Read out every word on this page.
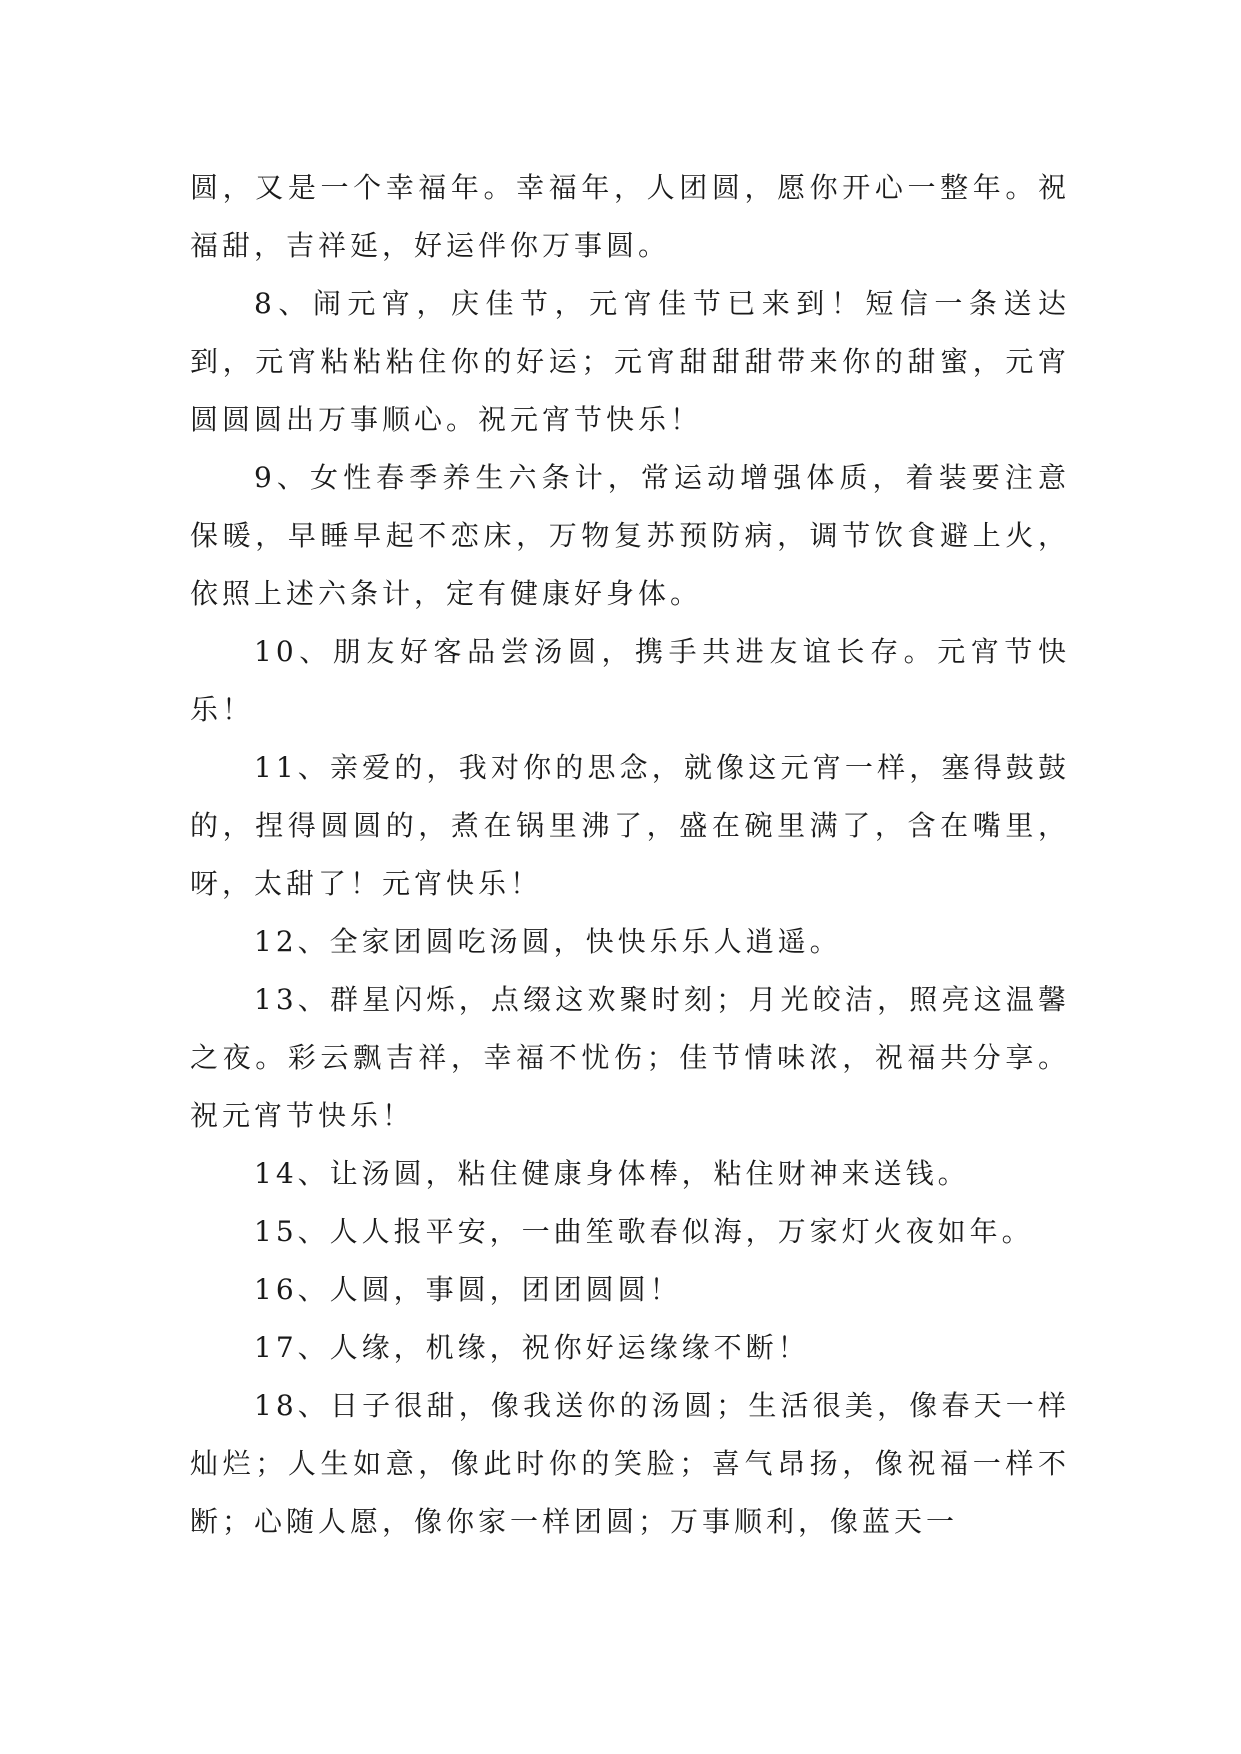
圆，又是一个幸福年。幸福年，人团圆，愿你开心一整年。祝福甜，吉祥延，好运伴你万事圆。

8、闹元宵，庆佳节，元宵佳节已来到！短信一条送达到，元宵粘粘粘住你的好运；元宵甜甜甜带来你的甜蜜，元宵圆圆圆出万事顺心。祝元宵节快乐！

9、女性春季养生六条计，常运动增强体质，着装要注意保暖，早睡早起不恋床，万物复苏预防病，调节饮食避上火，依照上述六条计，定有健康好身体。

10、朋友好客品尝汤圆，携手共进友谊长存。元宵节快乐！

11、亲爱的，我对你的思念，就像这元宵一样，塞得鼓鼓的，捏得圆圆的，煮在锅里沸了，盛在碗里满了，含在嘴里，呀，太甜了！元宵快乐！

12、全家团圆吃汤圆，快快乐乐人逍遥。

13、群星闪烁，点缀这欢聚时刻；月光皎洁，照亮这温馨之夜。彩云飘吉祥，幸福不忧伤；佳节情味浓，祝福共分享。祝元宵节快乐！

14、让汤圆，粘住健康身体棒，粘住财神来送钱。

15、人人报平安，一曲笙歌春似海，万家灯火夜如年。

16、人圆，事圆，团团圆圆！

17、人缘，机缘，祝你好运缘缘不断！

18、日子很甜，像我送你的汤圆；生活很美，像春天一样灿烂；人生如意，像此时你的笑脸；喜气昂扬，像祝福一样不断；心随人愿，像你家一样团圆；万事顺利，像蓝天一
